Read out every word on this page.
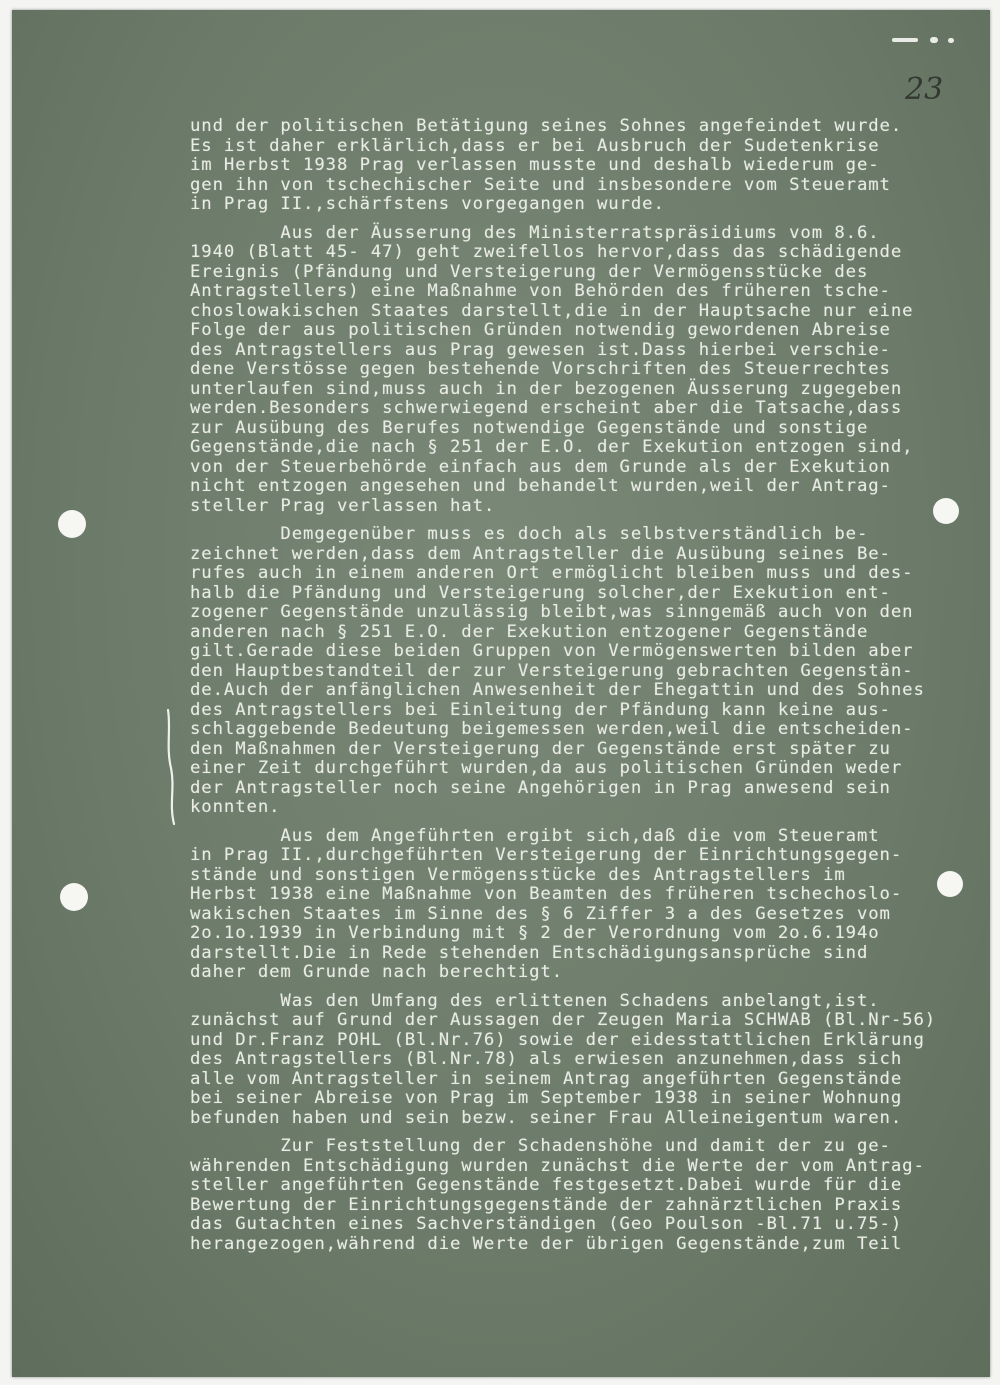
23
und der politischen Betätigung seines Sohnes angefeindet wurde.
Es ist daher erklärlich,dass er bei Ausbruch der Sudetenkrise
im Herbst 1938 Prag verlassen musste und deshalb wiederum ge-
gen ihn von tschechischer Seite und insbesondere vom Steueramt
in Prag II.,schärfstens vorgegangen wurde.
Aus der Äusserung des Ministerratspräsidiums vom 8.6.
1940 (Blatt 45- 47) geht zweifellos hervor,dass das schädigende
Ereignis (Pfändung und Versteigerung der Vermögensstücke des
Antragstellers) eine Maßnahme von Behörden des früheren tsche-
choslowakischen Staates darstellt,die in der Hauptsache nur eine
Folge der aus politischen Gründen notwendig gewordenen Abreise
des Antragstellers aus Prag gewesen ist.Dass hierbei verschie-
dene Verstösse gegen bestehende Vorschriften des Steuerrechtes
unterlaufen sind,muss auch in der bezogenen Äusserung zugegeben
werden.Besonders schwerwiegend erscheint aber die Tatsache,dass
zur Ausübung des Berufes notwendige Gegenstände und sonstige
Gegenstände,die nach § 251 der E.O. der Exekution entzogen sind,
von der Steuerbehörde einfach aus dem Grunde als der Exekution
nicht entzogen angesehen und behandelt wurden,weil der Antrag-
steller Prag verlassen hat.
Demgegenüber muss es doch als selbstverständlich be-
zeichnet werden,dass dem Antragsteller die Ausübung seines Be-
rufes auch in einem anderen Ort ermöglicht bleiben muss und des-
halb die Pfändung und Versteigerung solcher,der Exekution ent-
zogener Gegenstände unzulässig bleibt,was sinngemäß auch von den
anderen nach § 251 E.O. der Exekution entzogener Gegenstände
gilt.Gerade diese beiden Gruppen von Vermögenswerten bilden aber
den Hauptbestandteil der zur Versteigerung gebrachten Gegenstän-
de.Auch der anfänglichen Anwesenheit der Ehegattin und des Sohnes
des Antragstellers bei Einleitung der Pfändung kann keine aus-
schlaggebende Bedeutung beigemessen werden,weil die entscheiden-
den Maßnahmen der Versteigerung der Gegenstände erst später zu
einer Zeit durchgeführt wurden,da aus politischen Gründen weder
der Antragsteller noch seine Angehörigen in Prag anwesend sein
konnten.
Aus dem Angeführten ergibt sich,daß die vom Steueramt
in Prag II.,durchgeführten Versteigerung der Einrichtungsgegen-
stände und sonstigen Vermögensstücke des Antragstellers im
Herbst 1938 eine Maßnahme von Beamten des früheren tschechoslo-
wakischen Staates im Sinne des § 6 Ziffer 3 a des Gesetzes vom
2o.1o.1939 in Verbindung mit § 2 der Verordnung vom 2o.6.194o
darstellt.Die in Rede stehenden Entschädigungsansprüche sind
daher dem Grunde nach berechtigt.
Was den Umfang des erlittenen Schadens anbelangt,ist.
zunächst auf Grund der Aussagen der Zeugen Maria SCHWAB (Bl.Nr-56)
und Dr.Franz POHL (Bl.Nr.76) sowie der eidesstattlichen Erklärung
des Antragstellers (Bl.Nr.78) als erwiesen anzunehmen,dass sich
alle vom Antragsteller in seinem Antrag angeführten Gegenstände
bei seiner Abreise von Prag im September 1938 in seiner Wohnung
befunden haben und sein bezw. seiner Frau Alleineigentum waren.
Zur Feststellung der Schadenshöhe und damit der zu ge-
währenden Entschädigung wurden zunächst die Werte der vom Antrag-
steller angeführten Gegenstände festgesetzt.Dabei wurde für die
Bewertung der Einrichtungsgegenstände der zahnärztlichen Praxis
das Gutachten eines Sachverständigen (Geo Poulson -Bl.71 u.75-)
herangezogen,während die Werte der übrigen Gegenstände,zum Teil
